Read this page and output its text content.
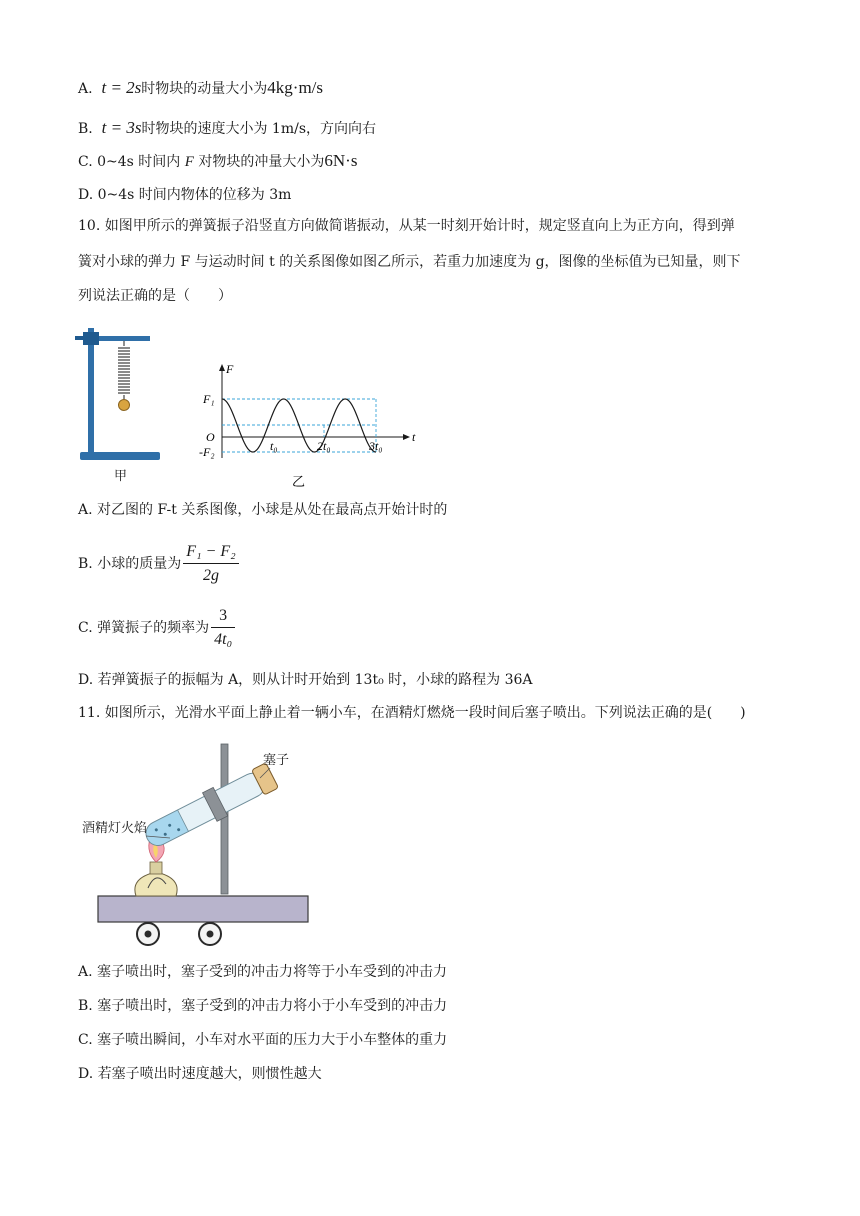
A. t = 2s时物块的动量大小为4kg·m/s
B. t = 3s时物块的速度大小为 1m/s，方向向右
C. 0~4s 时间内 F 对物块的冲量大小为6N·s
D. 0~4s 时间内物体的位移为 3m
10. 如图甲所示的弹簧振子沿竖直方向做简谐振动，从某一时刻开始计时，规定竖直向上为正方向，得到弹
簧对小球的弹力 F 与运动时间 t 的关系图像如图乙所示，若重力加速度为 g，图像的坐标值为已知量，则下
列说法正确的是（　　）
甲
F
t
F₁
O
-F₂	t₀	2t₀	3t₀
乙
A. 对乙图的 F-t 关系图像，小球是从处在最高点开始计时的
B. 小球的质量为 $\frac{\text{F₁ − F₂}}{2g}$
C. 弹簧振子的频率为 $\frac{3}{\text{4t₀}}$
D. 若弹簧振子的振幅为 A，则从计时开始到 13t₀ 时，小球的路程为 36A
11. 如图所示，光滑水平面上静止着一辆小车，在酒精灯燃烧一段时间后塞子喷出。下列说法正确的是(　　)
塞子
酒精灯火焰
A. 塞子喷出时，塞子受到的冲击力将等于小车受到的冲击力
B. 塞子喷出时，塞子受到的冲击力将小于小车受到的冲击力
C. 塞子喷出瞬间，小车对水平面的压力大于小车整体的重力
D. 若塞子喷出时速度越大，则惯性越大
